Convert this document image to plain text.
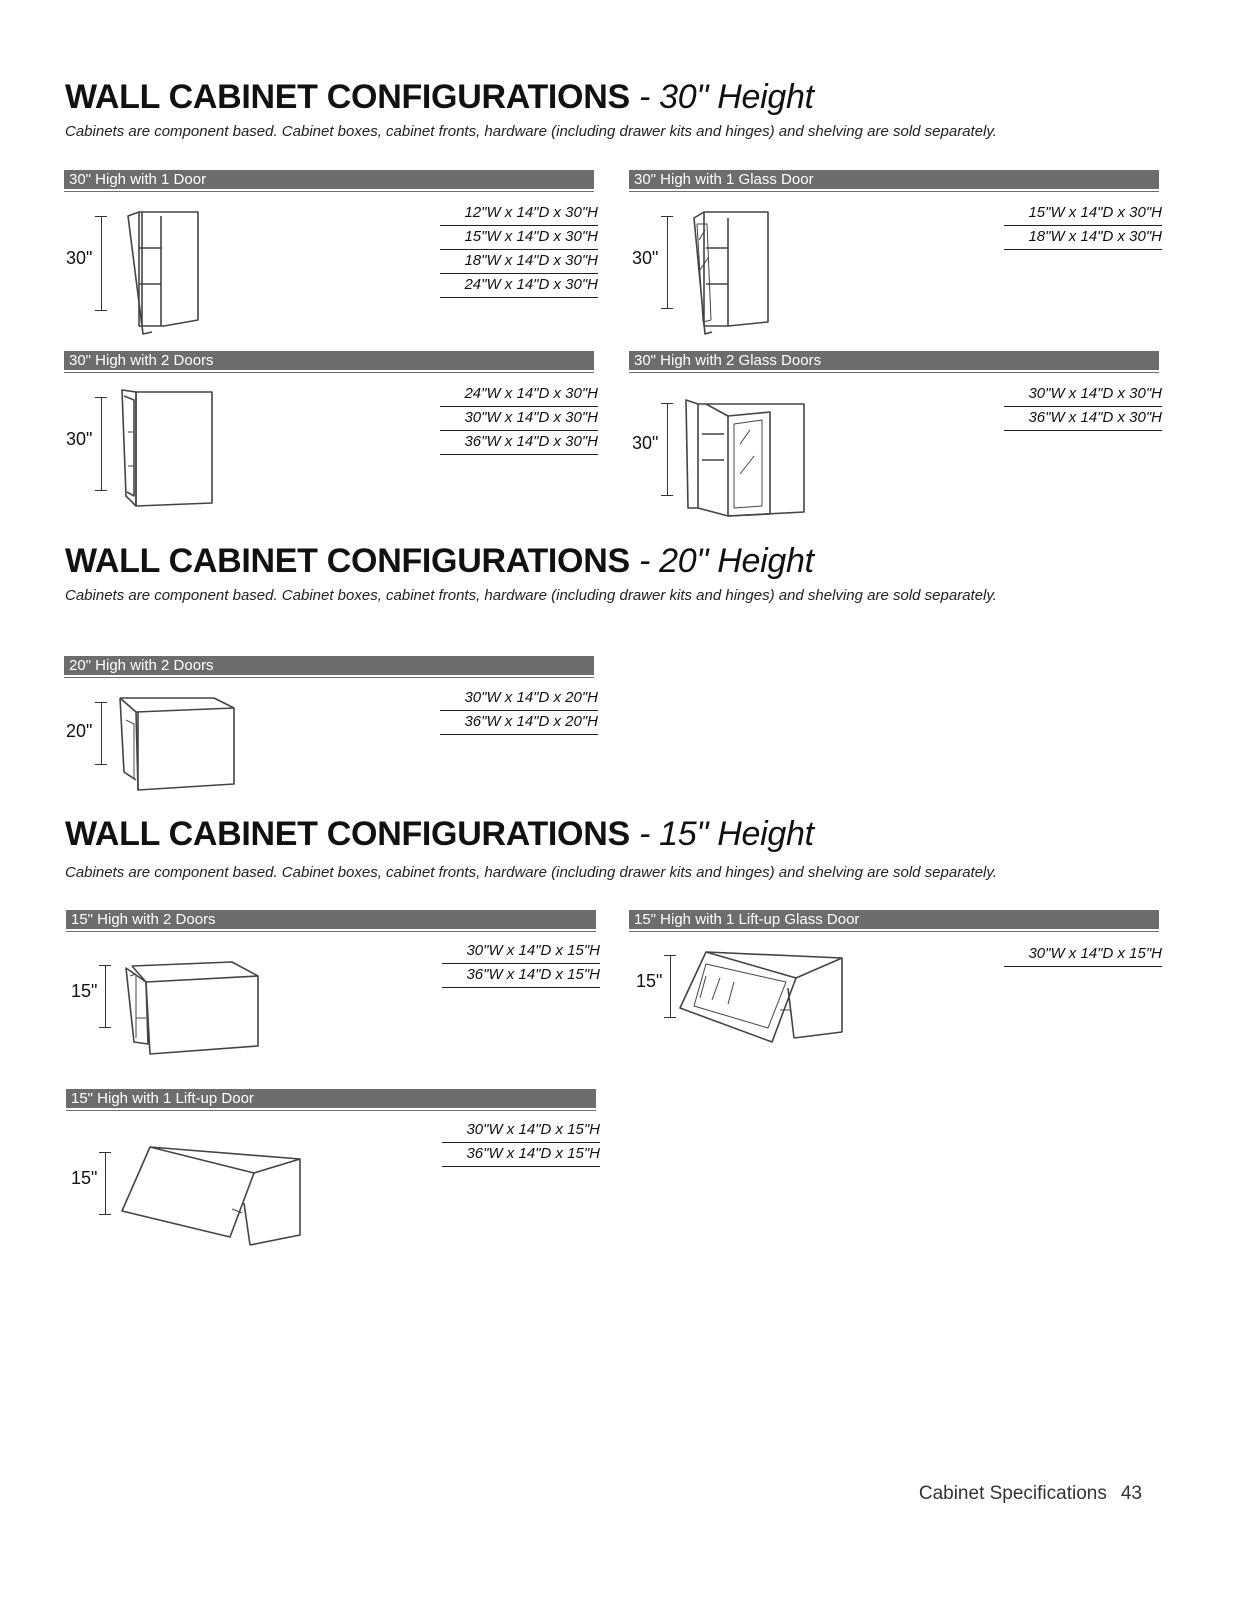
WALL CABINET CONFIGURATIONS - 30" Height
Cabinets are component based. Cabinet boxes, cabinet fronts, hardware (including drawer kits and hinges) and shelving are sold separately.
30" High with 1 Door
30"
12"W x 14"D x 30"H
15"W x 14"D x 30"H
18"W x 14"D x 30"H
24"W x 14"D x 30"H
30" High with 1 Glass Door
30"
15"W x 14"D x 30"H
18"W x 14"D x 30"H
30" High with 2 Doors
30"
24"W x 14"D x 30"H
30"W x 14"D x 30"H
36"W x 14"D x 30"H
30" High with 2 Glass Doors
30"
30"W x 14"D x 30"H
36"W x 14"D x 30"H
WALL CABINET CONFIGURATIONS - 20" Height
Cabinets are component based. Cabinet boxes, cabinet fronts, hardware (including drawer kits and hinges) and shelving are sold separately.
20" High with 2 Doors
20"
30"W x 14"D x 20"H
36"W x 14"D x 20"H
WALL CABINET CONFIGURATIONS - 15" Height
Cabinets are component based. Cabinet boxes, cabinet fronts, hardware (including drawer kits and hinges) and shelving are sold separately.
15" High with 2 Doors
15"
30"W x 14"D x 15"H
36"W x 14"D x 15"H
15" High with 1 Lift-up Glass Door
15"
30"W x 14"D x 15"H
15" High with 1 Lift-up Door
15"
30"W x 14"D x 15"H
36"W x 14"D x 15"H
Cabinet Specifications 43
